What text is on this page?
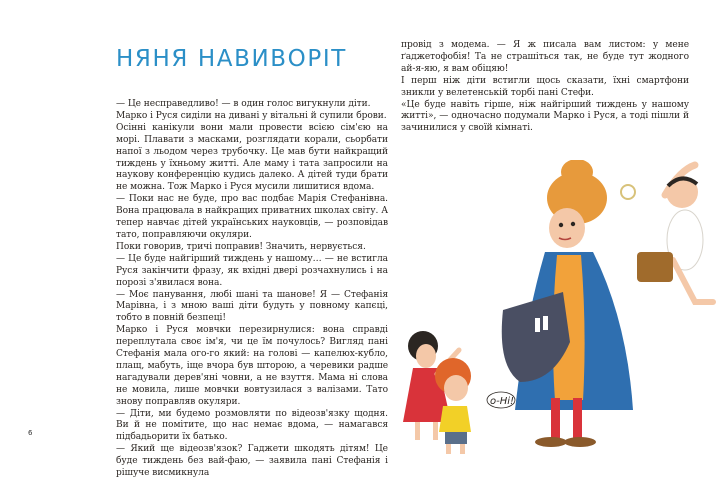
НЯНЯ НАВИВОРІТ

— Це несправедливо! — в один голос вигукнули діти.

Марко і Руся сиділи на дивані у вітальні й супили брови.

Осінні канікули вони мали провести всією сім'єю на морі. Плавати з масками, розглядати корали, сьорбати напої з льодом через трубочку. Це мав бути найкращий тиждень у їхньому житті. Але маму і тата запросили на наукову конференцію кудись далеко. А дітей туди брати не можна. Тож Марко і Руся мусили лишитися вдома.

— Поки нас не буде, про вас подбає Марія Стефанівна. Вона працювала в найкращих приватних школах світу. А тепер навчає дітей українських науковців, — розповідав тато, поправляючи окуляри.

Поки говорив, тричі поправив! Значить, нервується.

— Це буде найгірший тиждень у нашому… — не встигла Руся закінчити фразу, як вхідні двері розчахнулись і на порозі з'явилася вона.

— Моє панування, любі шані та шанове! Я — Стефанія Марівна, і з мною ваші діти будуть у повному капєці, тобто в повній безпеці!

Марко і Руся мовчки перезирнулися: вона справді переплутала своє ім'я, чи це їм почулось? Вигляд пані Стефанія мала ого-го який: на голові — капелюх-кубло, плащ, мабуть, іще вчора був шторою, а черевики радше нагадували дерев'яні човни, а не взуття. Мама ні слова не мовила, лише мовчки вовтузилася з валізами. Тато знову поправляв окуляри.

— Діти, ми будемо розмовляти по відеозв'язку щодня. Ви й не помітите, що нас немає вдома, — намагався підбадьорити їх батько.

— Який ще відеозв'язок? Гаджети шкодять дітям! Це буде тиждень без вай-фаю, — заявила пані Стефанія і рішуче висмикнула

провід з модема. — Я ж писала вам листом: у мене ґаджетофобія! Та не страшіться так, не буде тут жодного ай-я-яю, я вам обіцяю!

І перш ніж діти встигли щось сказати, їхні смартфони зникли у велетенській торбі пані Стефи.

«Це буде навіть гірше, ніж найгірший тиждень у нашому житті», — одночасно подумали Марко і Руся, а тоді пішли й зачинилися у своїй кімнаті.

о-Ні!
6
